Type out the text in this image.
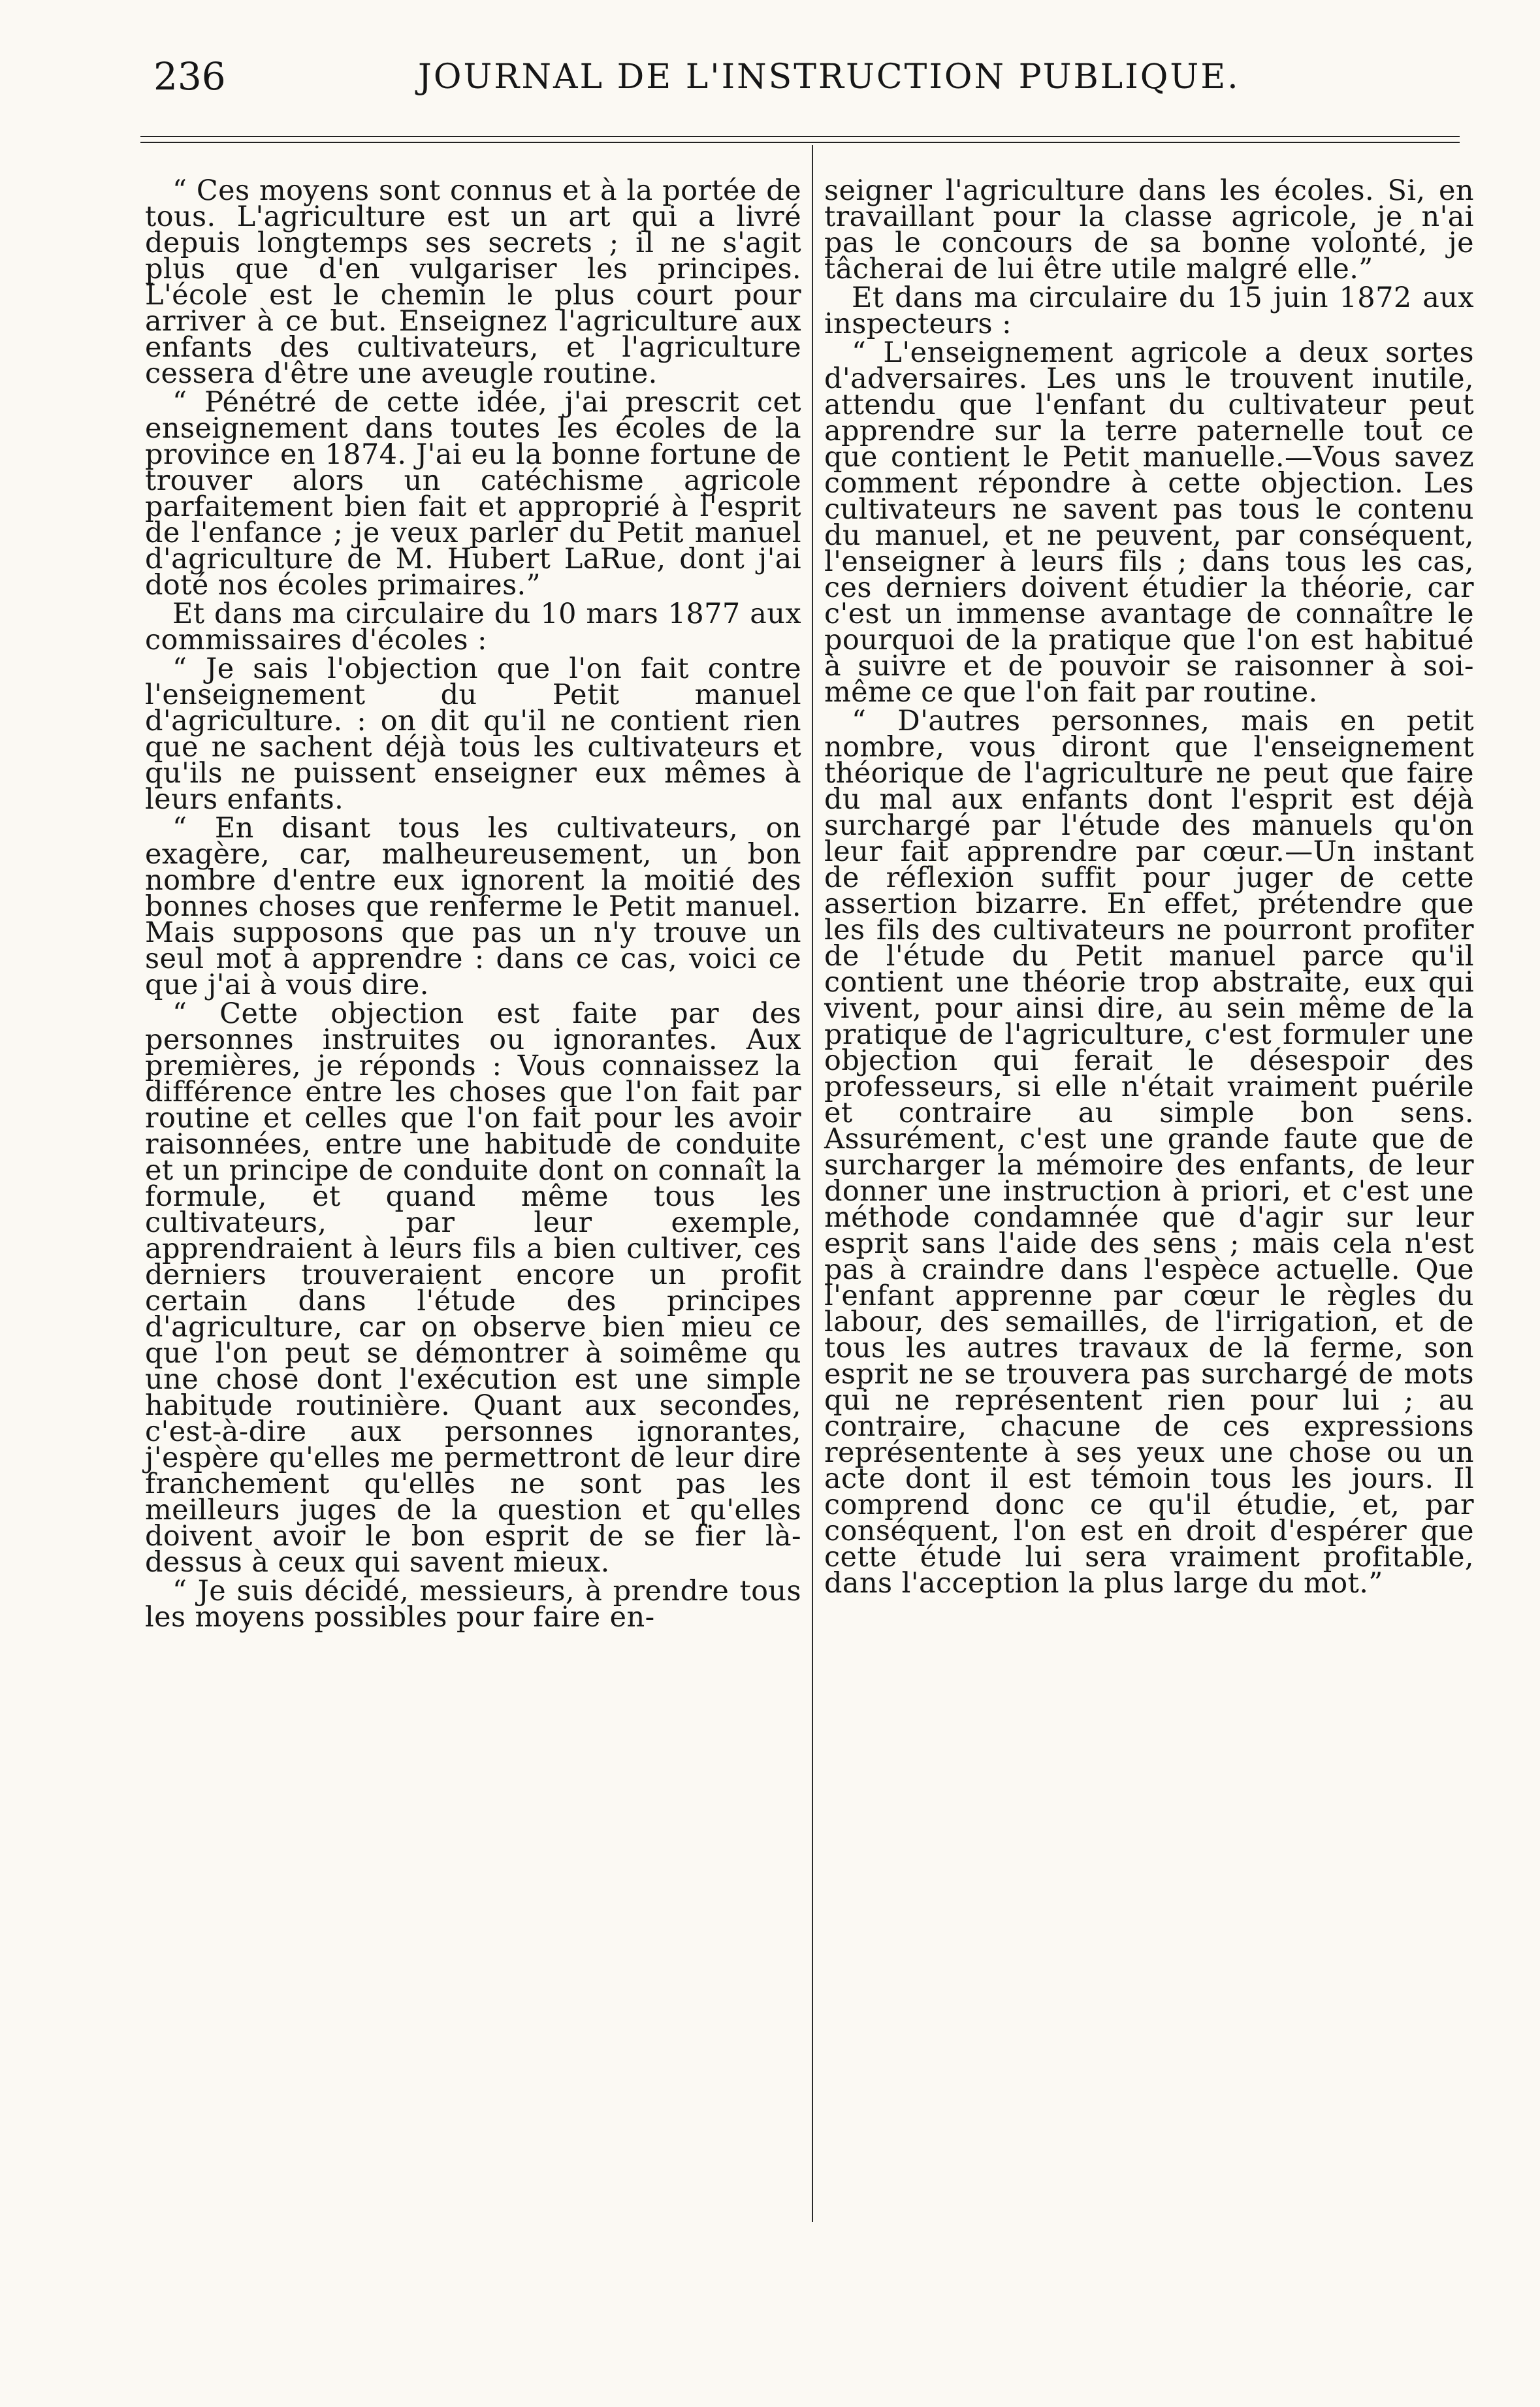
236	JOURNAL DE L'INSTRUCTION PUBLIQUE.

“ Ces moyens sont connus et à la portée de tous. L'agriculture est un art qui a livré depuis longtemps ses secrets ; il ne s'agit plus que d'en vulgariser les principes. L'école est le chemin le plus court pour arriver à ce but. Enseignez l'agriculture aux enfants des cultivateurs, et l'agriculture cessera d'être une aveugle routine.

“ Pénétré de cette idée, j'ai prescrit cet enseignement dans toutes les écoles de la province en 1874. J'ai eu la bonne fortune de trouver alors un catéchisme agricole parfaitement bien fait et approprié à l'esprit de l'enfance ; je veux parler du Petit manuel d'agriculture de M. Hubert LaRue, dont j'ai doté nos écoles primaires.”

Et dans ma circulaire du 10 mars 1877 aux commissaires d'écoles :

“ Je sais l'objection que l'on fait contre l'enseignement du Petit manuel d'agriculture. : on dit qu'il ne contient rien que ne sachent déjà tous les cultivateurs et qu'ils ne puissent enseigner eux mêmes à leurs enfants.

“ En disant tous les cultivateurs, on exagère, car, malheureusement, un bon nombre d'entre eux ignorent la moitié des bonnes choses que renferme le Petit manuel. Mais supposons que pas un n'y trouve un seul mot à apprendre : dans ce cas, voici ce que j'ai à vous dire.

“ Cette objection est faite par des personnes instruites ou ignorantes. Aux premières, je réponds : Vous connaissez la différence entre les choses que l'on fait par routine et celles que l'on fait pour les avoir raisonnées, entre une habitude de conduite et un principe de conduite dont on connaît la formule, et quand même tous les cultivateurs, par leur exemple, apprendraient à leurs fils a bien cultiver, ces derniers trouveraient encore un profit certain dans l'étude des principes d'agriculture, car on observe bien mieu ce que l'on peut se démontrer à soimême qu une chose dont l'exécution est une simple habitude routinière. Quant aux secondes, c'est-à-dire aux personnes ignorantes, j'espère qu'elles me permettront de leur dire franchement qu'elles ne sont pas les meilleurs juges de la question et qu'elles doivent avoir le bon esprit de se fier là-dessus à ceux qui savent mieux.

“ Je suis décidé, messieurs, à prendre tous les moyens possibles pour faire en-

seigner l'agriculture dans les écoles. Si, en travaillant pour la classe agricole, je n'ai pas le concours de sa bonne volonté, je tâcherai de lui être utile malgré elle.”

Et dans ma circulaire du 15 juin 1872 aux inspecteurs :

“ L'enseignement agricole a deux sortes d'adversaires. Les uns le trouvent inutile, attendu que l'enfant du cultivateur peut apprendre sur la terre paternelle tout ce que contient le Petit manuelle.—Vous savez comment répondre à cette objection. Les cultivateurs ne savent pas tous le contenu du manuel, et ne peuvent, par conséquent, l'enseigner à leurs fils ; dans tous les cas, ces derniers doivent étudier la théorie, car c'est un immense avantage de connaître le pourquoi de la pratique que l'on est habitué à suivre et de pouvoir se raisonner à soi-même ce que l'on fait par routine.

“ D'autres personnes, mais en petit nombre, vous diront que l'enseignement théorique de l'agriculture ne peut que faire du mal aux enfants dont l'esprit est déjà surchargé par l'étude des manuels qu'on leur fait apprendre par cœur.—Un instant de réflexion suffit pour juger de cette assertion bizarre. En effet, prétendre que les fils des cultivateurs ne pourront profiter de l'étude du Petit manuel parce qu'il contient une théorie trop abstraite, eux qui vivent, pour ainsi dire, au sein même de la pratique de l'agriculture, c'est formuler une objection qui ferait le désespoir des professeurs, si elle n'était vraiment puérile et contraire au simple bon sens. Assurément, c'est une grande faute que de surcharger la mémoire des enfants, de leur donner une instruction à priori, et c'est une méthode condamnée que d'agir sur leur esprit sans l'aide des sens ; mais cela n'est pas à craindre dans l'espèce actuelle. Que l'enfant apprenne par cœur le règles du labour, des semailles, de l'irrigation, et de tous les autres travaux de la ferme, son esprit ne se trouvera pas surchargé de mots qui ne représentent rien pour lui ; au contraire, chacune de ces expressions représentente à ses yeux une chose ou un acte dont il est témoin tous les jours. Il comprend donc ce qu'il étudie, et, par conséquent, l'on est en droit d'espérer que cette étude lui sera vraiment profitable, dans l'acception la plus large du mot.”
